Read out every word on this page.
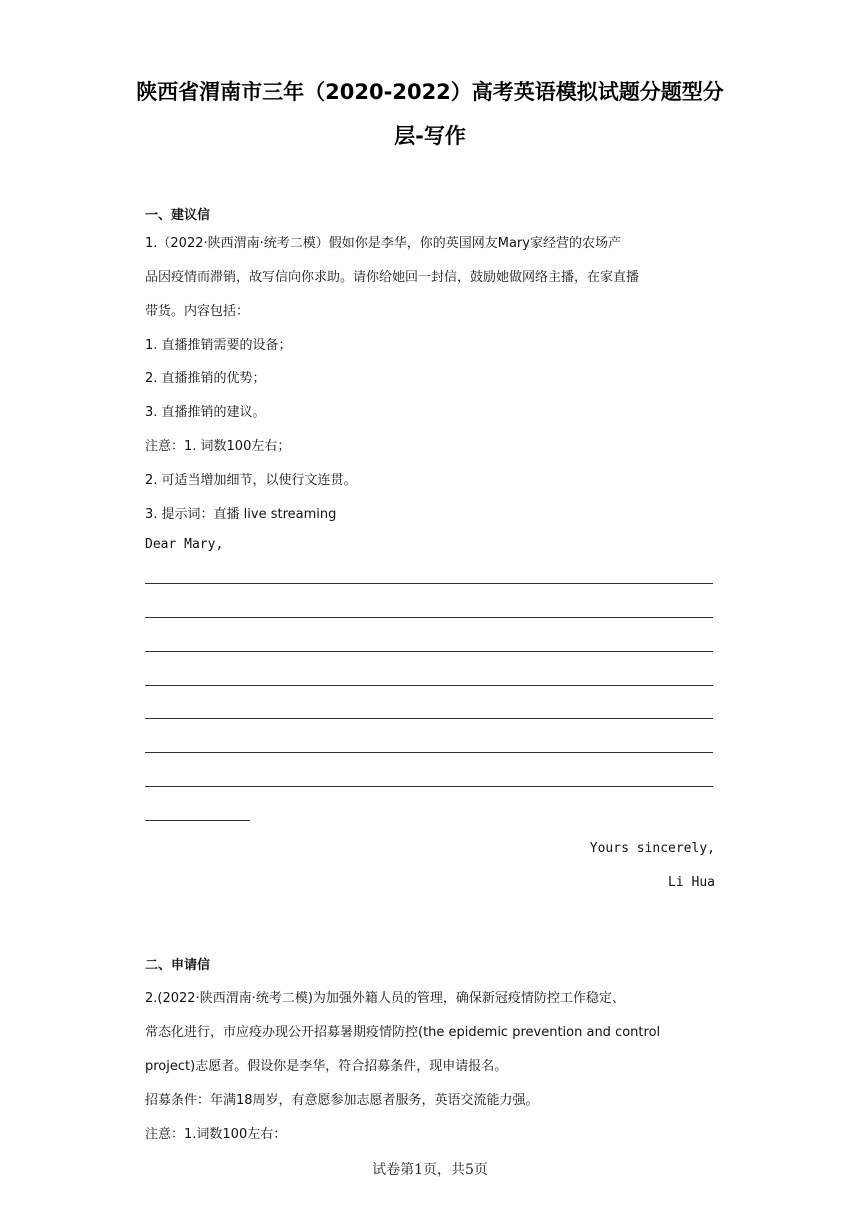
陕西省渭南市三年（2020-2022）高考英语模拟试题分题型分
层-写作
一、建议信
1.（2022·陕西渭南·统考二模）假如你是李华，你的英国网友Mary家经营的农场产
品因疫情而滞销，故写信向你求助。请你给她回一封信，鼓励她做网络主播，在家直播
带货。内容包括：
1. 直播推销需要的设备；
2. 直播推销的优势；
3. 直播推销的建议。
注意：1. 词数100左右；
2. 可适当增加细节，以使行文连贯。
3. 提示词：直播 live streaming
Dear Mary,
Yours sincerely,
Li Hua
二、申请信
2.(2022·陕西渭南·统考二模)为加强外籍人员的管理，确保新冠疫情防控工作稳定、
常态化进行，市应疫办现公开招募暑期疫情防控(the epidemic prevention and control
project)志愿者。假设你是李华，符合招募条件，现申请报名。
招募条件：年满18周岁，有意愿参加志愿者服务，英语交流能力强。
注意：1.词数100左右：
试卷第1页，共5页
